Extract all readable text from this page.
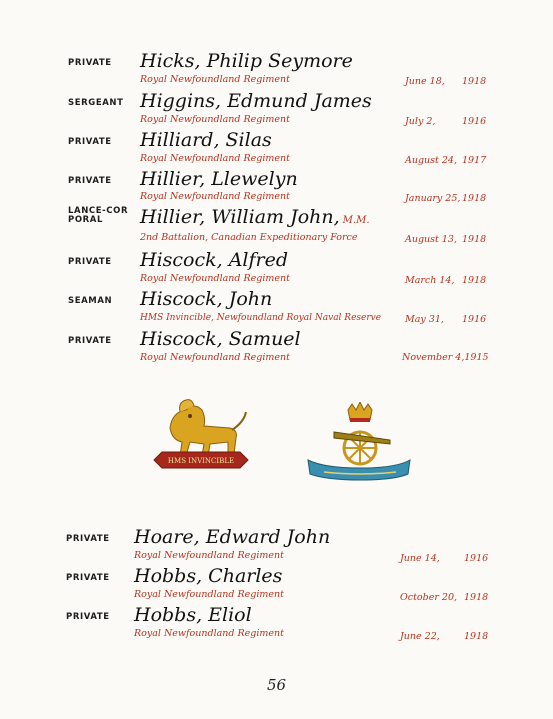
PRIVATE	Hicks, Philip Seymore
Royal Newfoundland Regiment	June 18, 1918
SERGEANT Higgins, Edmund James
Royal Newfoundland Regiment	July 2,	1916
PRIVATE	Hilliard, Silas
Royal Newfoundland Regiment	August 24, 1917
PRIVATE	Hillier, Llewelyn
Royal Newfoundland Regiment	January 25, 1918
LANCE-CORPORAL	Hillier, William John, M.M.
2nd Battalion, Canadian Expeditionary Force	August 13, 1918
PRIVATE	Hiscock, Alfred
Royal Newfoundland Regiment	March 14, 1918
SEAMAN	Hiscock, John
HMS Invincible, Newfoundland Royal Naval Reserve	May 31, 1916
PRIVATE	Hiscock, Samuel
Royal Newfoundland Regiment	November 4,1915
HMS INVINCIBLE
PRIVATE	Hoare, Edward John
Royal Newfoundland Regiment	June 14,	1916
PRIVATE	Hobbs, Charles
Royal Newfoundland Regiment	October 20, 1918
PRIVATE	Hobbs, Eliol
Royal Newfoundland Regiment	June 22,	1918
56
